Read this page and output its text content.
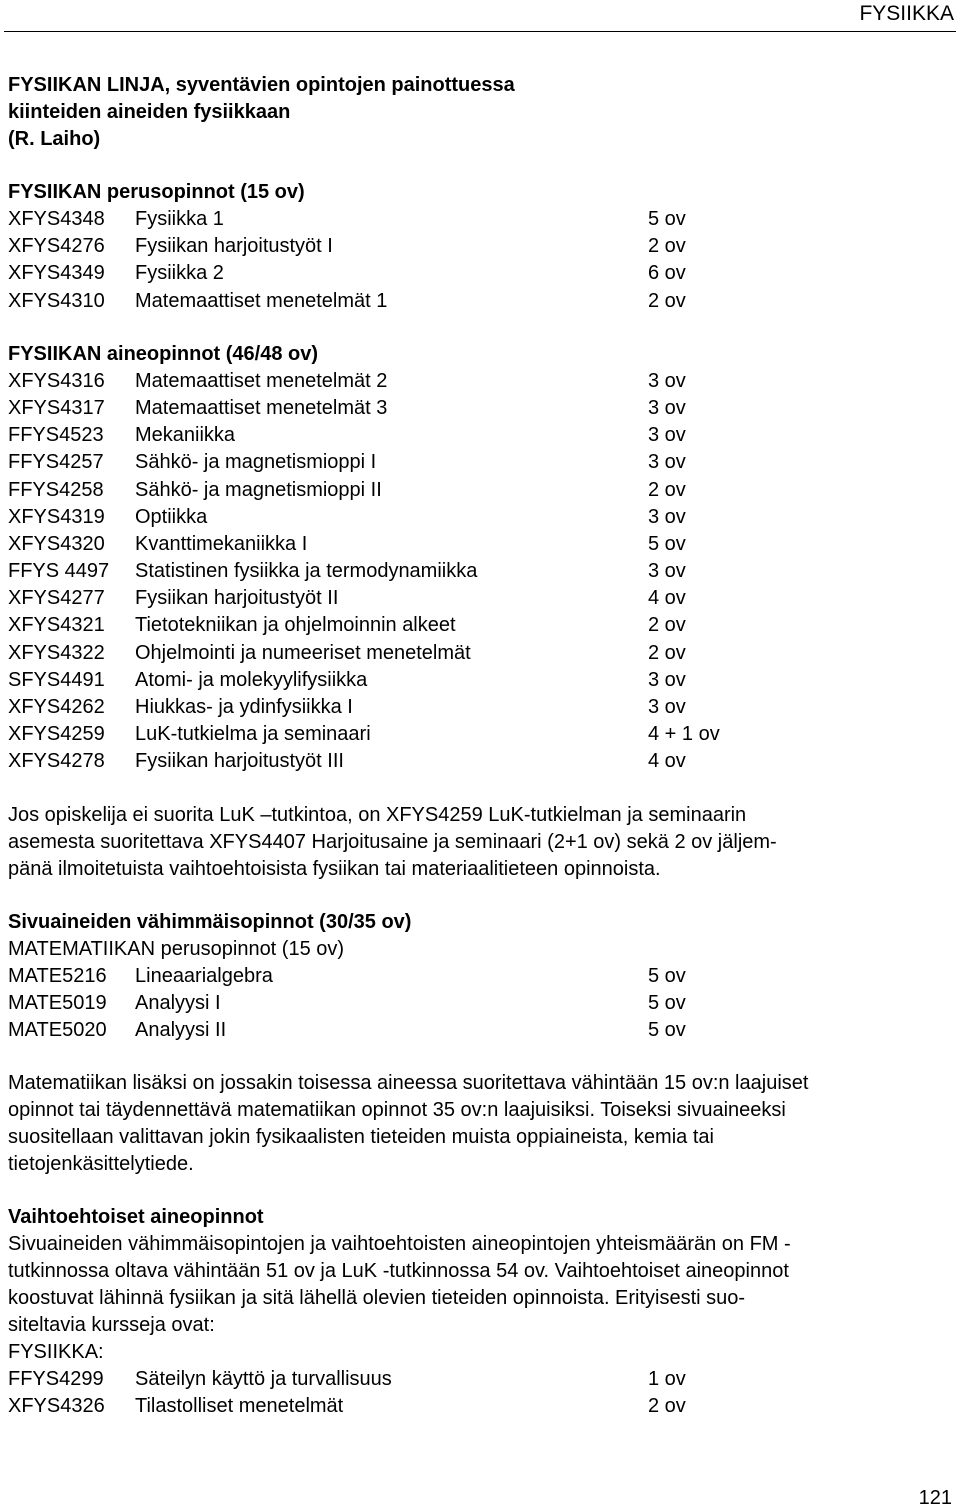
FYSIIKKA
FYSIIKAN LINJA, syventävien opintojen painottuessa
kiinteiden aineiden fysiikkaan
(R. Laiho)
FYSIIKAN perusopinnot (15 ov)
XFYS4348	Fysiikka 1	5 ov
XFYS4276	Fysiikan harjoitustyöt I	2 ov
XFYS4349	Fysiikka 2	6 ov
XFYS4310	Matemaattiset menetelmät 1	2 ov
FYSIIKAN aineopinnot (46/48 ov)
XFYS4316	Matemaattiset menetelmät 2	3 ov
XFYS4317	Matemaattiset menetelmät 3	3 ov
FFYS4523	Mekaniikka	3 ov
FFYS4257	Sähkö- ja magnetismioppi I	3 ov
FFYS4258	Sähkö- ja magnetismioppi II	2 ov
XFYS4319	Optiikka	3 ov
XFYS4320	Kvanttimekaniikka I	5 ov
FFYS 4497	Statistinen fysiikka ja termodynamiikka	3 ov
XFYS4277	Fysiikan harjoitustyöt II	4 ov
XFYS4321	Tietotekniikan ja ohjelmoinnin alkeet	2 ov
XFYS4322	Ohjelmointi ja numeeriset menetelmät	2 ov
SFYS4491	Atomi- ja molekyylifysiikka	3 ov
XFYS4262	Hiukkas- ja ydinfysiikka I	3 ov
XFYS4259	LuK-tutkielma ja seminaari	4 + 1 ov
XFYS4278	Fysiikan harjoitustyöt III	4 ov
Jos opiskelija ei suorita LuK –tutkintoa, on XFYS4259 LuK-tutkielman ja seminaarin
asemesta suoritettava XFYS4407 Harjoitusaine ja seminaari (2+1 ov) sekä 2 ov jäljem-
pänä ilmoitetuista vaihtoehtoisista fysiikan tai materiaalitieteen opinnoista.
Sivuaineiden vähimmäisopinnot (30/35 ov)
MATEMATIIKAN perusopinnot (15 ov)
MATE5216	Lineaarialgebra	5 ov
MATE5019	Analyysi I	5 ov
MATE5020	Analyysi II	5 ov
Matematiikan lisäksi on jossakin toisessa aineessa suoritettava vähintään 15 ov:n laajuiset
opinnot tai täydennettävä matematiikan opinnot 35 ov:n laajuisiksi. Toiseksi sivuaineeksi
suositellaan valittavan jokin fysikaalisten tieteiden muista oppiaineista, kemia tai
tietojenkäsittelytiede.
Vaihtoehtoiset aineopinnot
Sivuaineiden vähimmäisopintojen ja vaihtoehtoisten aineopintojen yhteismäärän on FM -
tutkinnossa oltava vähintään 51 ov ja LuK -tutkinnossa 54 ov. Vaihtoehtoiset aineopinnot
koostuvat lähinnä fysiikan ja sitä lähellä olevien tieteiden opinnoista. Erityisesti suo-
siteltavia kursseja ovat:
FYSIIKKA:
FFYS4299	Säteilyn käyttö ja turvallisuus	1 ov
XFYS4326	Tilastolliset menetelmät	2 ov
121
